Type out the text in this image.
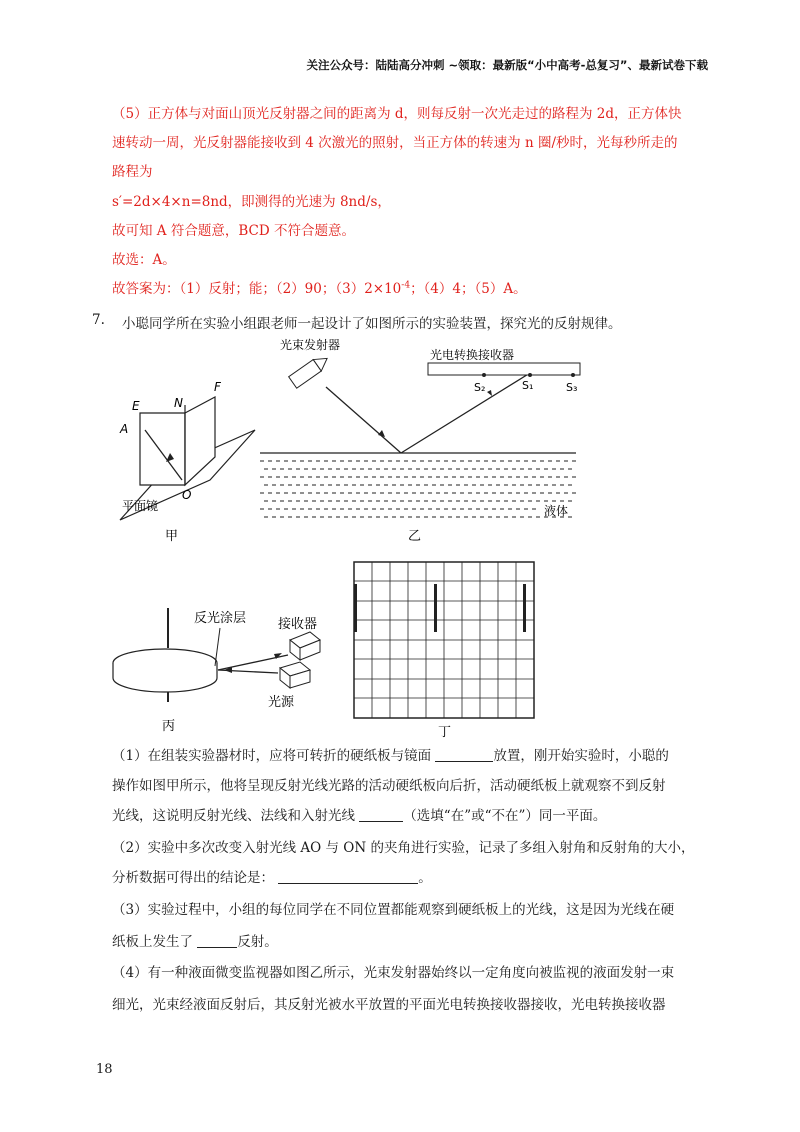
关注公众号：陆陆高分冲刺 ~领取：最新版“小中高考-总复习”、最新试卷下载
（5）正方体与对面山顶光反射器之间的距离为 d，则每反射一次光走过的路程为 2d，正方体快
速转动一周，光反射器能接收到 4 次激光的照射，当正方体的转速为 n 圈/秒时，光每秒所走的
路程为
s′=2d×4×n=8nd，即测得的光速为 8nd/s，
故可知 A 符合题意，BCD 不符合题意。
故选：A。
故答案为：（1）反射；能；（2）90；$(3)2\times 10^{-4}$；（4）4；（5）A。
7. 小聪同学所在实验小组跟老师一起设计了如图所示的实验装置，探究光的反射规律。
A
E	N
F
O
平面镜
甲
光束发射器
光电转换接收器
S₂	S₁	S₃
液体
乙
反光涂层 接收器
光源
丙	丁
（1）在组装实验器材时，应将可转折的硬纸板与镜面	放置，刚开始实验时，小聪的
操作如图甲所示，他将呈现反射光线光路的活动硬纸板向后折，活动硬纸板上就观察不到反射
光线，这说明反射光线、法线和入射光线	（选填“在”或“不在”）同一平面。
（2）实验中多次改变入射光线 AO 与 ON 的夹角进行实验，记录了多组入射角和反射角的大小，
分析数据可得出的结论是：	。
（3）实验过程中，小组的每位同学在不同位置都能观察到硬纸板上的光线，这是因为光线在硬
纸板上发生了	反射。
（4）有一种液面微变监视器如图乙所示，光束发射器始终以一定角度向被监视的液面发射一束
细光，光束经液面反射后，其反射光被水平放置的平面光电转换接收器接收，光电转换接收器
18
